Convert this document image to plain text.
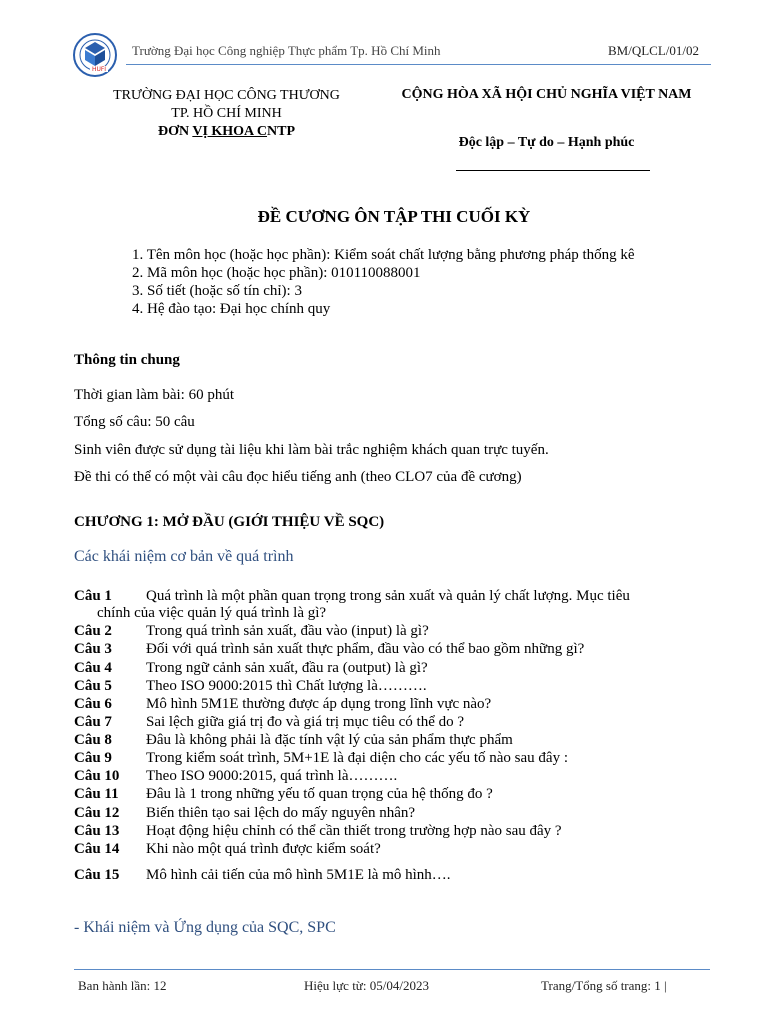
HUFI
Trường Đại học Công nghiệp Thực phẩm Tp. Hồ Chí Minh	BM/QLCL/01/02
TRƯỜNG ĐẠI HỌC CÔNG THƯƠNG
TP. HỒ CHÍ MINH
ĐƠN VỊ KHOA CNTP
CỘNG HÒA XÃ HỘI CHỦ NGHĨA VIỆT NAM
Độc lập – Tự do – Hạnh phúc
ĐỀ CƯƠNG ÔN TẬP THI CUỐI KỲ
1. Tên môn học (hoặc học phần): Kiểm soát chất lượng bằng phương pháp thống kê
2. Mã môn học (hoặc học phần): 010110088001
3. Số tiết (hoặc số tín chỉ): 3
4. Hệ đào tạo: Đại học chính quy
Thông tin chung
Thời gian làm bài: 60 phút
Tổng số câu: 50 câu
Sinh viên được sử dụng tài liệu khi làm bài trắc nghiệm khách quan trực tuyến.
Đề thi có thể có một vài câu đọc hiểu tiếng anh (theo CLO7 của đề cương)
CHƯƠNG 1: MỞ ĐẦU (GIỚI THIỆU VỀ SQC)
Các khái niệm cơ bản về quá trình
Câu 1	Quá trình là một phần quan trọng trong sản xuất và quản lý chất lượng. Mục tiêu
chính của việc quản lý quá trình là gì?
Câu 2	Trong quá trình sản xuất, đầu vào (input) là gì?
Câu 3	Đối với quá trình sản xuất thực phẩm, đầu vào có thể bao gồm những gì?
Câu 4	Trong ngữ cảnh sản xuất, đầu ra (output) là gì?
Câu 5	Theo ISO 9000:2015 thì Chất lượng là……….
Câu 6	Mô hình 5M1E thường được áp dụng trong lĩnh vực nào?
Câu 7	Sai lệch giữa giá trị đo và giá trị mục tiêu có thể do ?
Câu 8	Đâu là không phải là đặc tính vật lý của sản phẩm thực phẩm
Câu 9	Trong kiểm soát trình, 5M+1E là đại diện cho các yếu tố nào sau đây :
Câu 10	Theo ISO 9000:2015, quá trình là……….
Câu 11	Đâu là 1 trong những yếu tố quan trọng của hệ thống đo ?
Câu 12	Biến thiên tạo sai lệch do mấy nguyên nhân?
Câu 13	Hoạt động hiệu chỉnh có thể cần thiết trong trường hợp nào sau đây ?
Câu 14	Khi nào một quá trình được kiểm soát?
Câu 15	Mô hình cải tiến của mô hình 5M1E là mô hình….
- Khái niệm và Ứng dụng của SQC, SPC
Ban hành lần: 12	Hiệu lực từ: 05/04/2023	Trang/Tổng số trang: 1 |
